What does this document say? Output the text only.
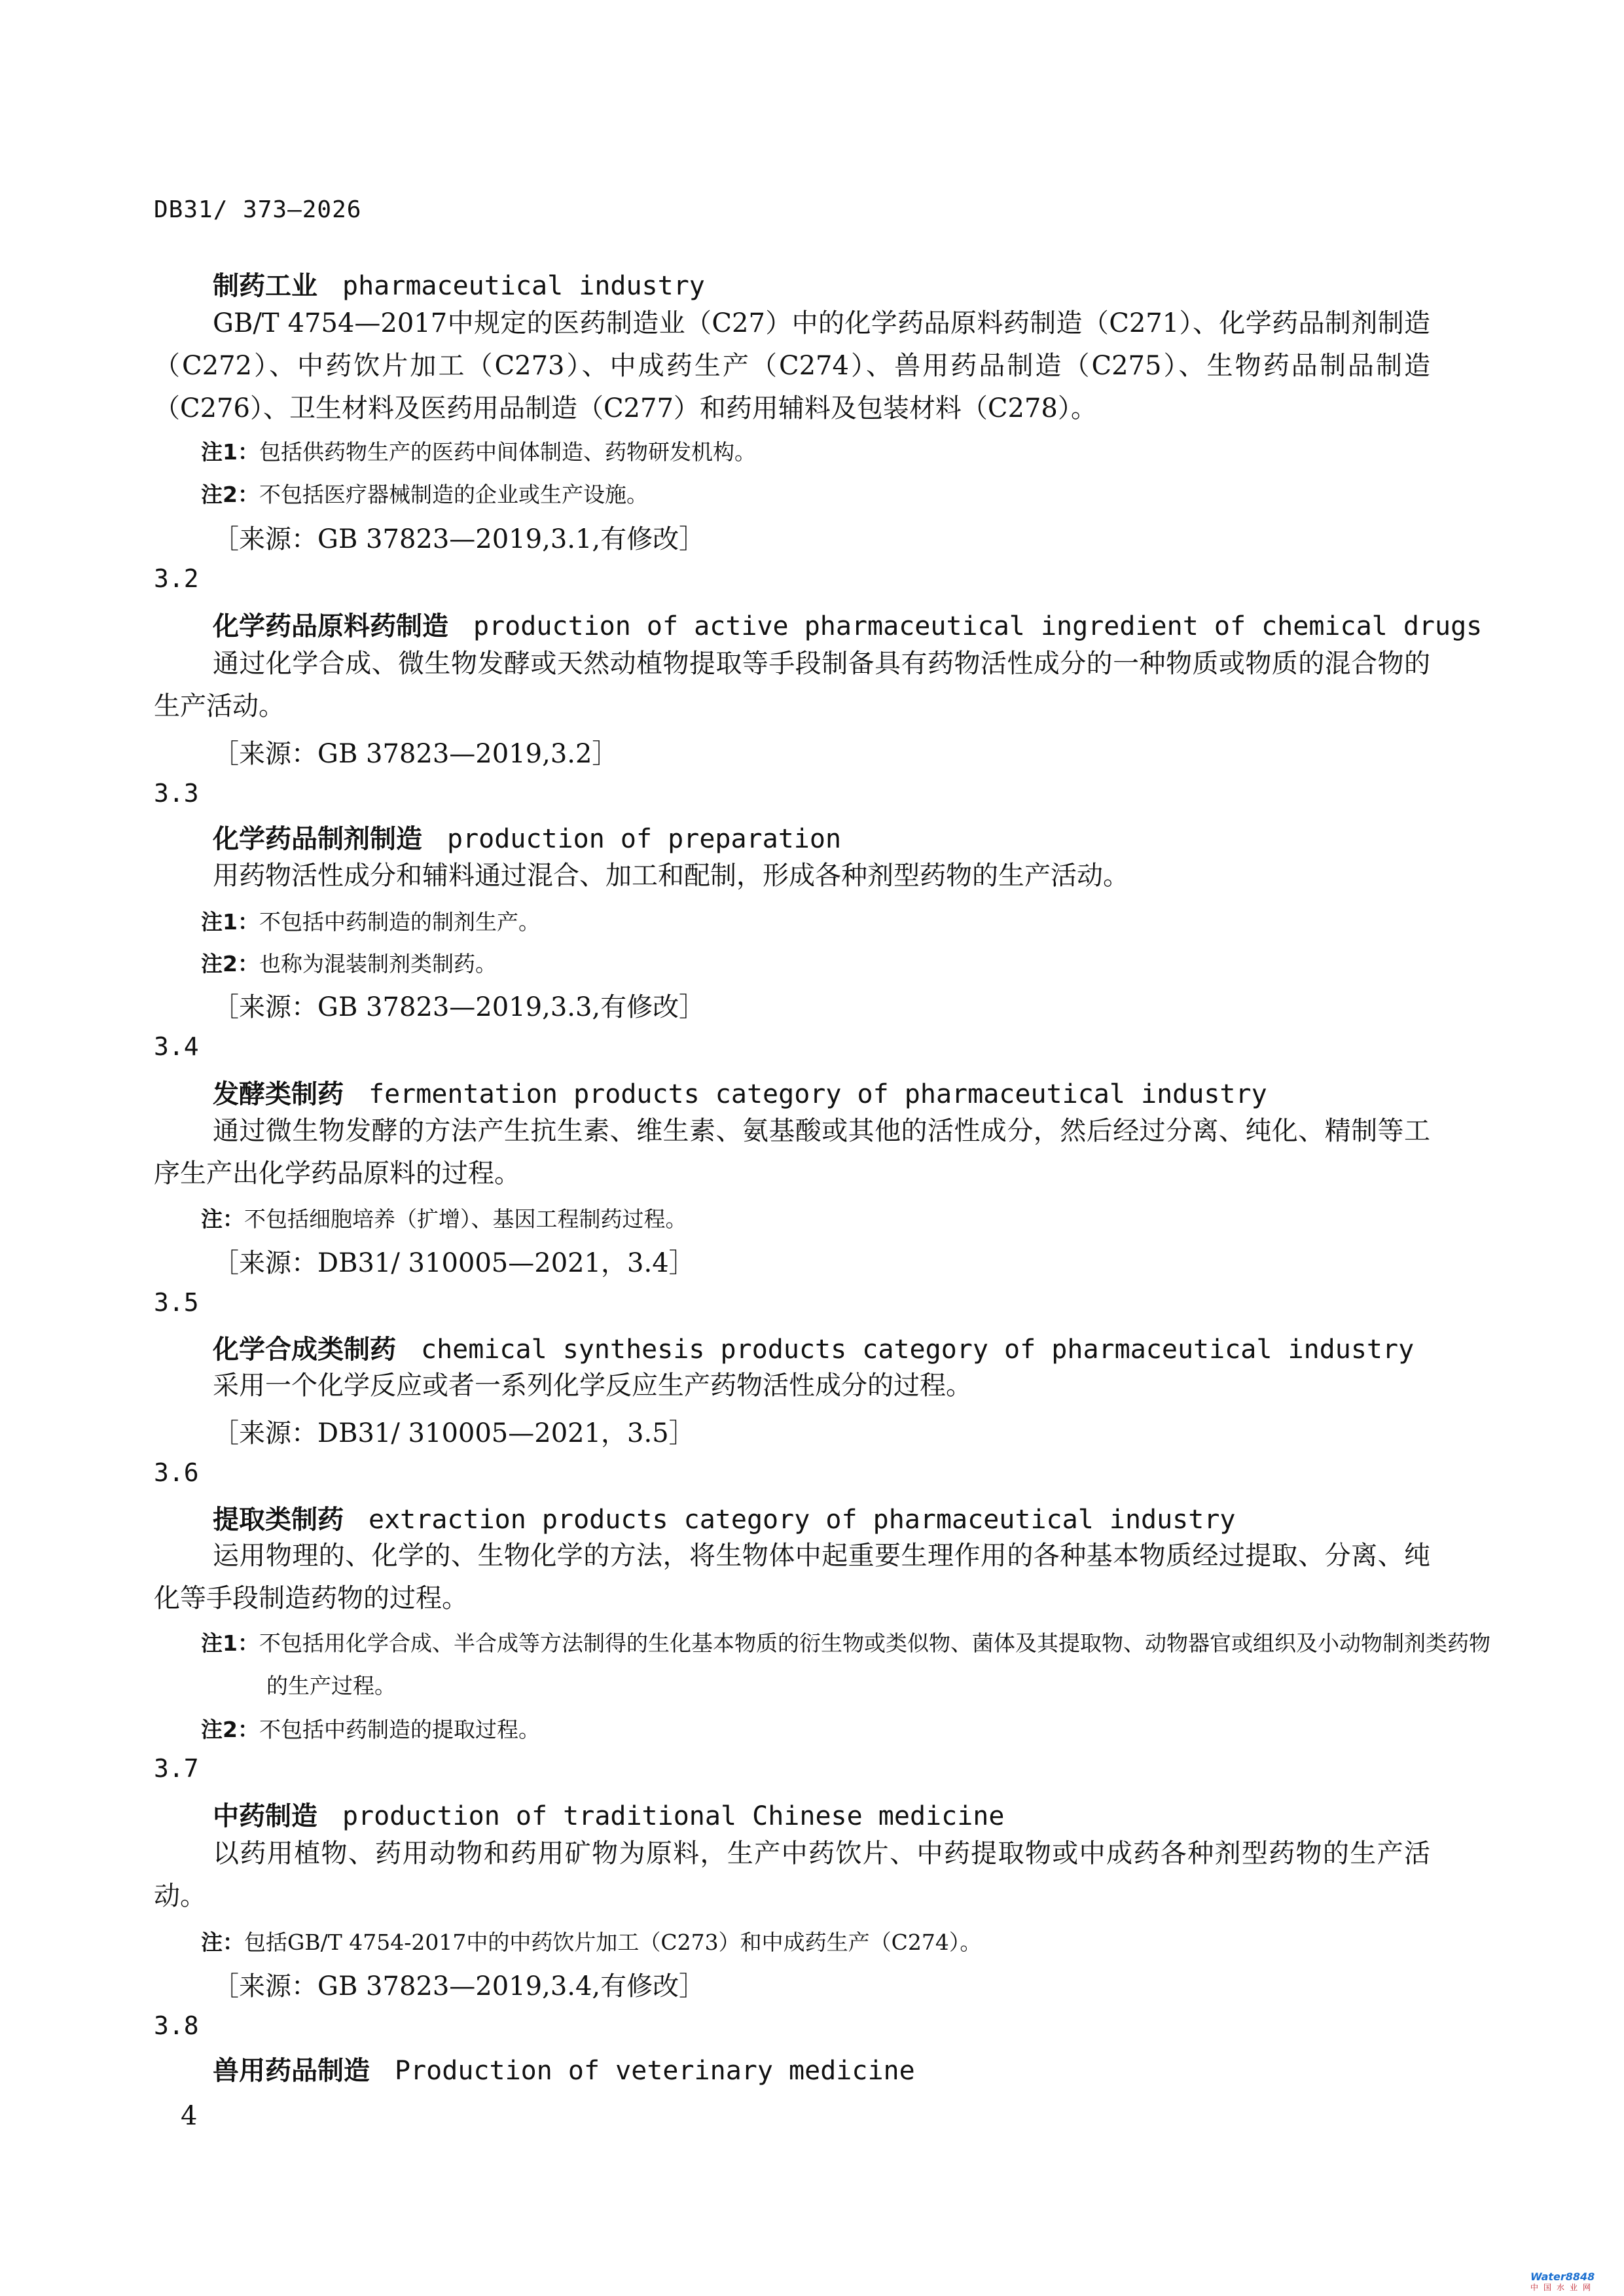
DB31/ 373—2026
制药工业 pharmaceutical industry
GB/T 4754—2017中规定的医药制造业（C27）中的化学药品原料药制造（C271）、化学药品制剂制造（C272）、中药饮片加工（C273）、中成药生产（C274）、兽用药品制造（C275）、生物药品制品制造（C276）、卫生材料及医药用品制造（C277）和药用辅料及包装材料（C278）。
注1：包括供药物生产的医药中间体制造、药物研发机构。
注2：不包括医疗器械制造的企业或生产设施。
［来源：GB 37823—2019,3.1,有修改］
3.2
化学药品原料药制造 production of active pharmaceutical ingredient of chemical drugs
通过化学合成、微生物发酵或天然动植物提取等手段制备具有药物活性成分的一种物质或物质的混合物的生产活动。
［来源：GB 37823—2019,3.2］
3.3
化学药品制剂制造 production of preparation
用药物活性成分和辅料通过混合、加工和配制，形成各种剂型药物的生产活动。
注1：不包括中药制造的制剂生产。
注2：也称为混装制剂类制药。
［来源：GB 37823—2019,3.3,有修改］
3.4
发酵类制药 fermentation products category of pharmaceutical industry
通过微生物发酵的方法产生抗生素、维生素、氨基酸或其他的活性成分，然后经过分离、纯化、精制等工序生产出化学药品原料的过程。
注：不包括细胞培养（扩增）、基因工程制药过程。
［来源：DB31/ 310005—2021，3.4］
3.5
化学合成类制药 chemical synthesis products category of pharmaceutical industry
采用一个化学反应或者一系列化学反应生产药物活性成分的过程。
［来源：DB31/ 310005—2021，3.5］
3.6
提取类制药 extraction products category of pharmaceutical industry
运用物理的、化学的、生物化学的方法，将生物体中起重要生理作用的各种基本物质经过提取、分离、纯化等手段制造药物的过程。
注1：不包括用化学合成、半合成等方法制得的生化基本物质的衍生物或类似物、菌体及其提取物、动物器官或组织及小动物制剂类药物的生产过程。
注2：不包括中药制造的提取过程。
3.7
中药制造 production of traditional Chinese medicine
以药用植物、药用动物和药用矿物为原料，生产中药饮片、中药提取物或中成药各种剂型药物的生产活动。
注：包括GB/T 4754-2017中的中药饮片加工（C273）和中成药生产（C274）。
［来源：GB 37823—2019,3.4,有修改］
3.8
兽用药品制造 Production of veterinary medicine
4
Water8848
中国水业网
